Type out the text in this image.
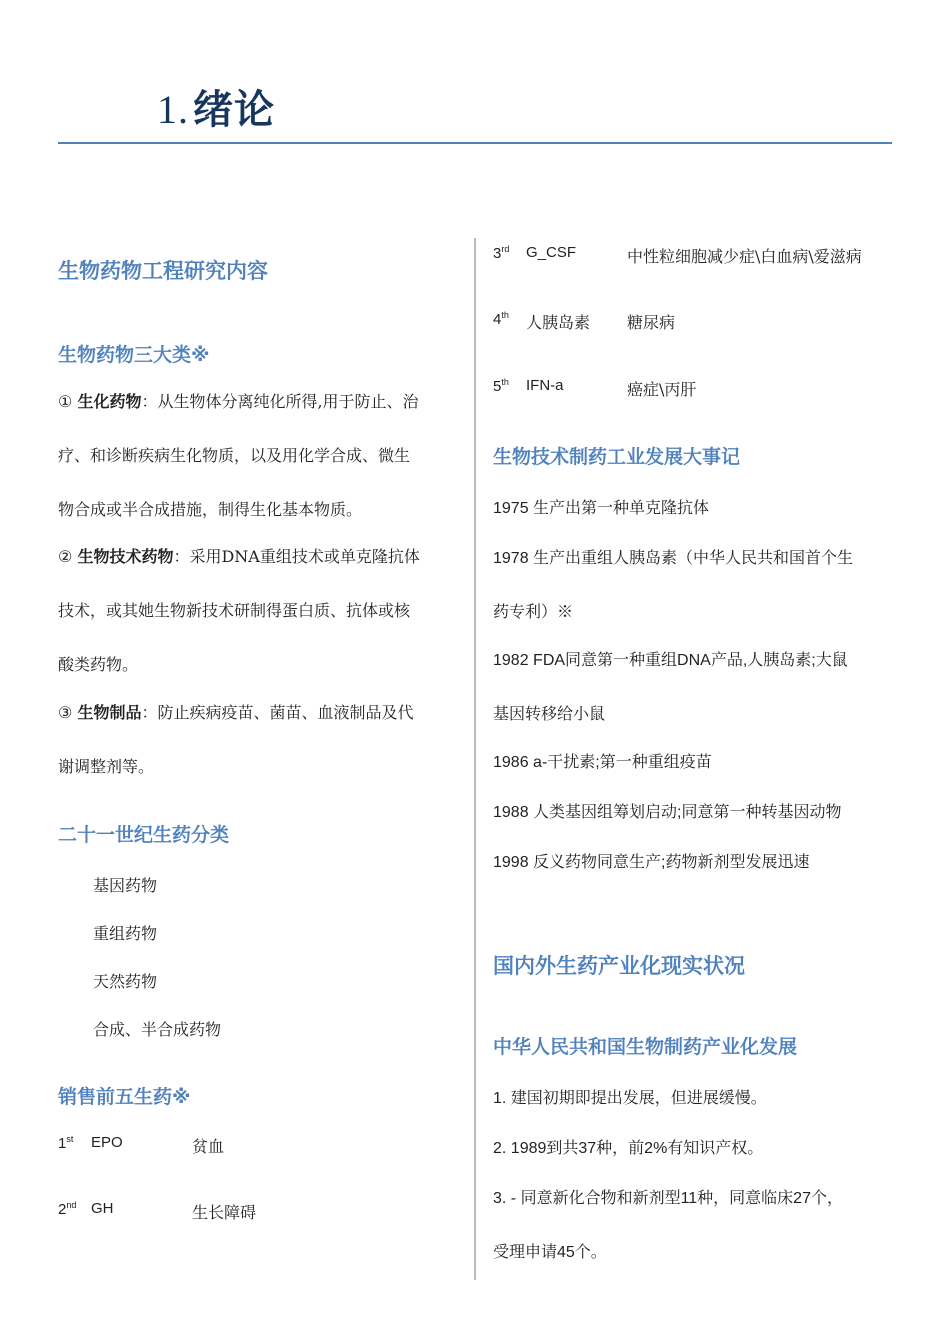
1. 绪论
生物药物工程研究内容
生物药物三大类※
① 生化药物：从生物体分离纯化所得,用于防止、治
疗、和诊断疾病生化物质，以及用化学合成、微生
物合成或半合成措施，制得生化基本物质。
② 生物技术药物：采用DNA重组技术或单克隆抗体
技术，或其她生物新技术研制得蛋白质、抗体或核
酸类药物。
③ 生物制品：防止疾病疫苗、菌苗、血液制品及代
谢调整剂等。
二十一世纪生药分类
基因药物
重组药物
天然药物
合成、半合成药物
销售前五生药※
1st EPO	贫血
2nd GH	生长障碍
3rd G_CSF	中性粒细胞减少症\白血病\爱滋病
4th 人胰岛素 糖尿病
5th IFN-a	癌症\丙肝
生物技术制药工业发展大事记
1975 生产出第一种单克隆抗体
1978 生产出重组人胰岛素（中华人民共和国首个生
药专利）※
1982 FDA同意第一种重组DNA产品,人胰岛素;大鼠
基因转移给小鼠
1986 a-干扰素;第一种重组疫苗
1988 人类基因组筹划启动;同意第一种转基因动物
1998 反义药物同意生产;药物新剂型发展迅速
国内外生药产业化现实状况
中华人民共和国生物制药产业化发展
1. 建国初期即提出发展，但进展缓慢。
2. 1989到共37种，前2%有知识产权。
3. - 同意新化合物和新剂型11种，同意临床27个，
受理申请45个。
